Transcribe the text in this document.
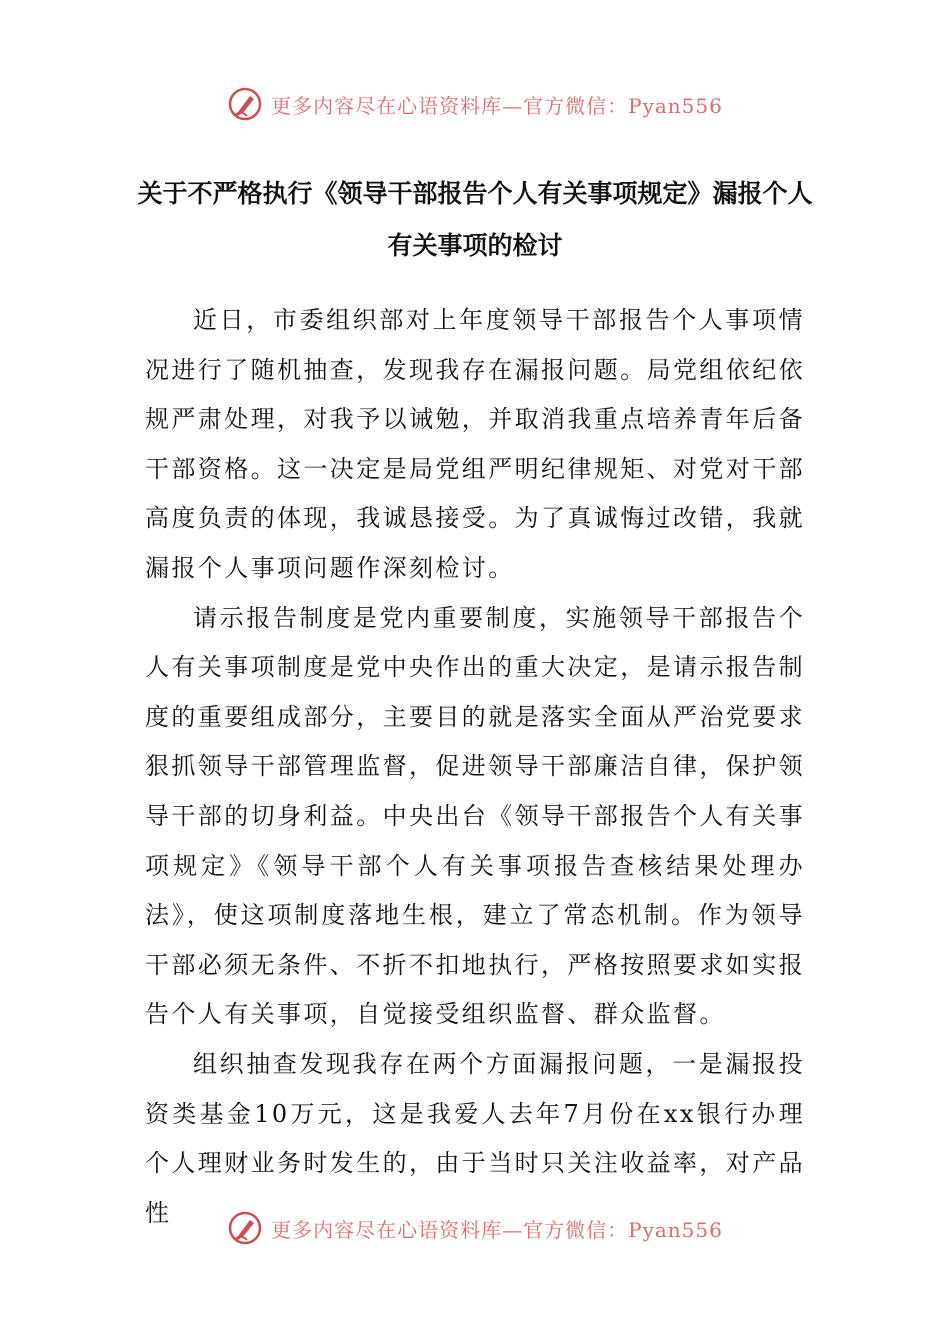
更多内容尽在心语资料库—官方微信：Pyan556
关于不严格执行《领导干部报告个人有关事项规定》漏报个人有关事项的检讨

近日，市委组织部对上年度领导干部报告个人事项情况进行了随机抽查，发现我存在漏报问题。局党组依纪依规严肃处理，对我予以诫勉，并取消我重点培养青年后备干部资格。这一决定是局党组严明纪律规矩、对党对干部高度负责的体现，我诚恳接受。为了真诚悔过改错，我就漏报个人事项问题作深刻检讨。

请示报告制度是党内重要制度，实施领导干部报告个人有关事项制度是党中央作出的重大决定，是请示报告制度的重要组成部分，主要目的就是落实全面从严治党要求狠抓领导干部管理监督，促进领导干部廉洁自律，保护领导干部的切身利益。中央出台《领导干部报告个人有关事项规定》《领导干部个人有关事项报告查核结果处理办法》，使这项制度落地生根，建立了常态机制。作为领导干部必须无条件、不折不扣地执行，严格按照要求如实报告个人有关事项，自觉接受组织监督、群众监督。

组织抽查发现我存在两个方面漏报问题，一是漏报投资类基金10万元，这是我爱人去年7月份在xx银行办理个人理财业务时发生的，由于当时只关注收益率，对产品性

更多内容尽在心语资料库—官方微信：Pyan556
